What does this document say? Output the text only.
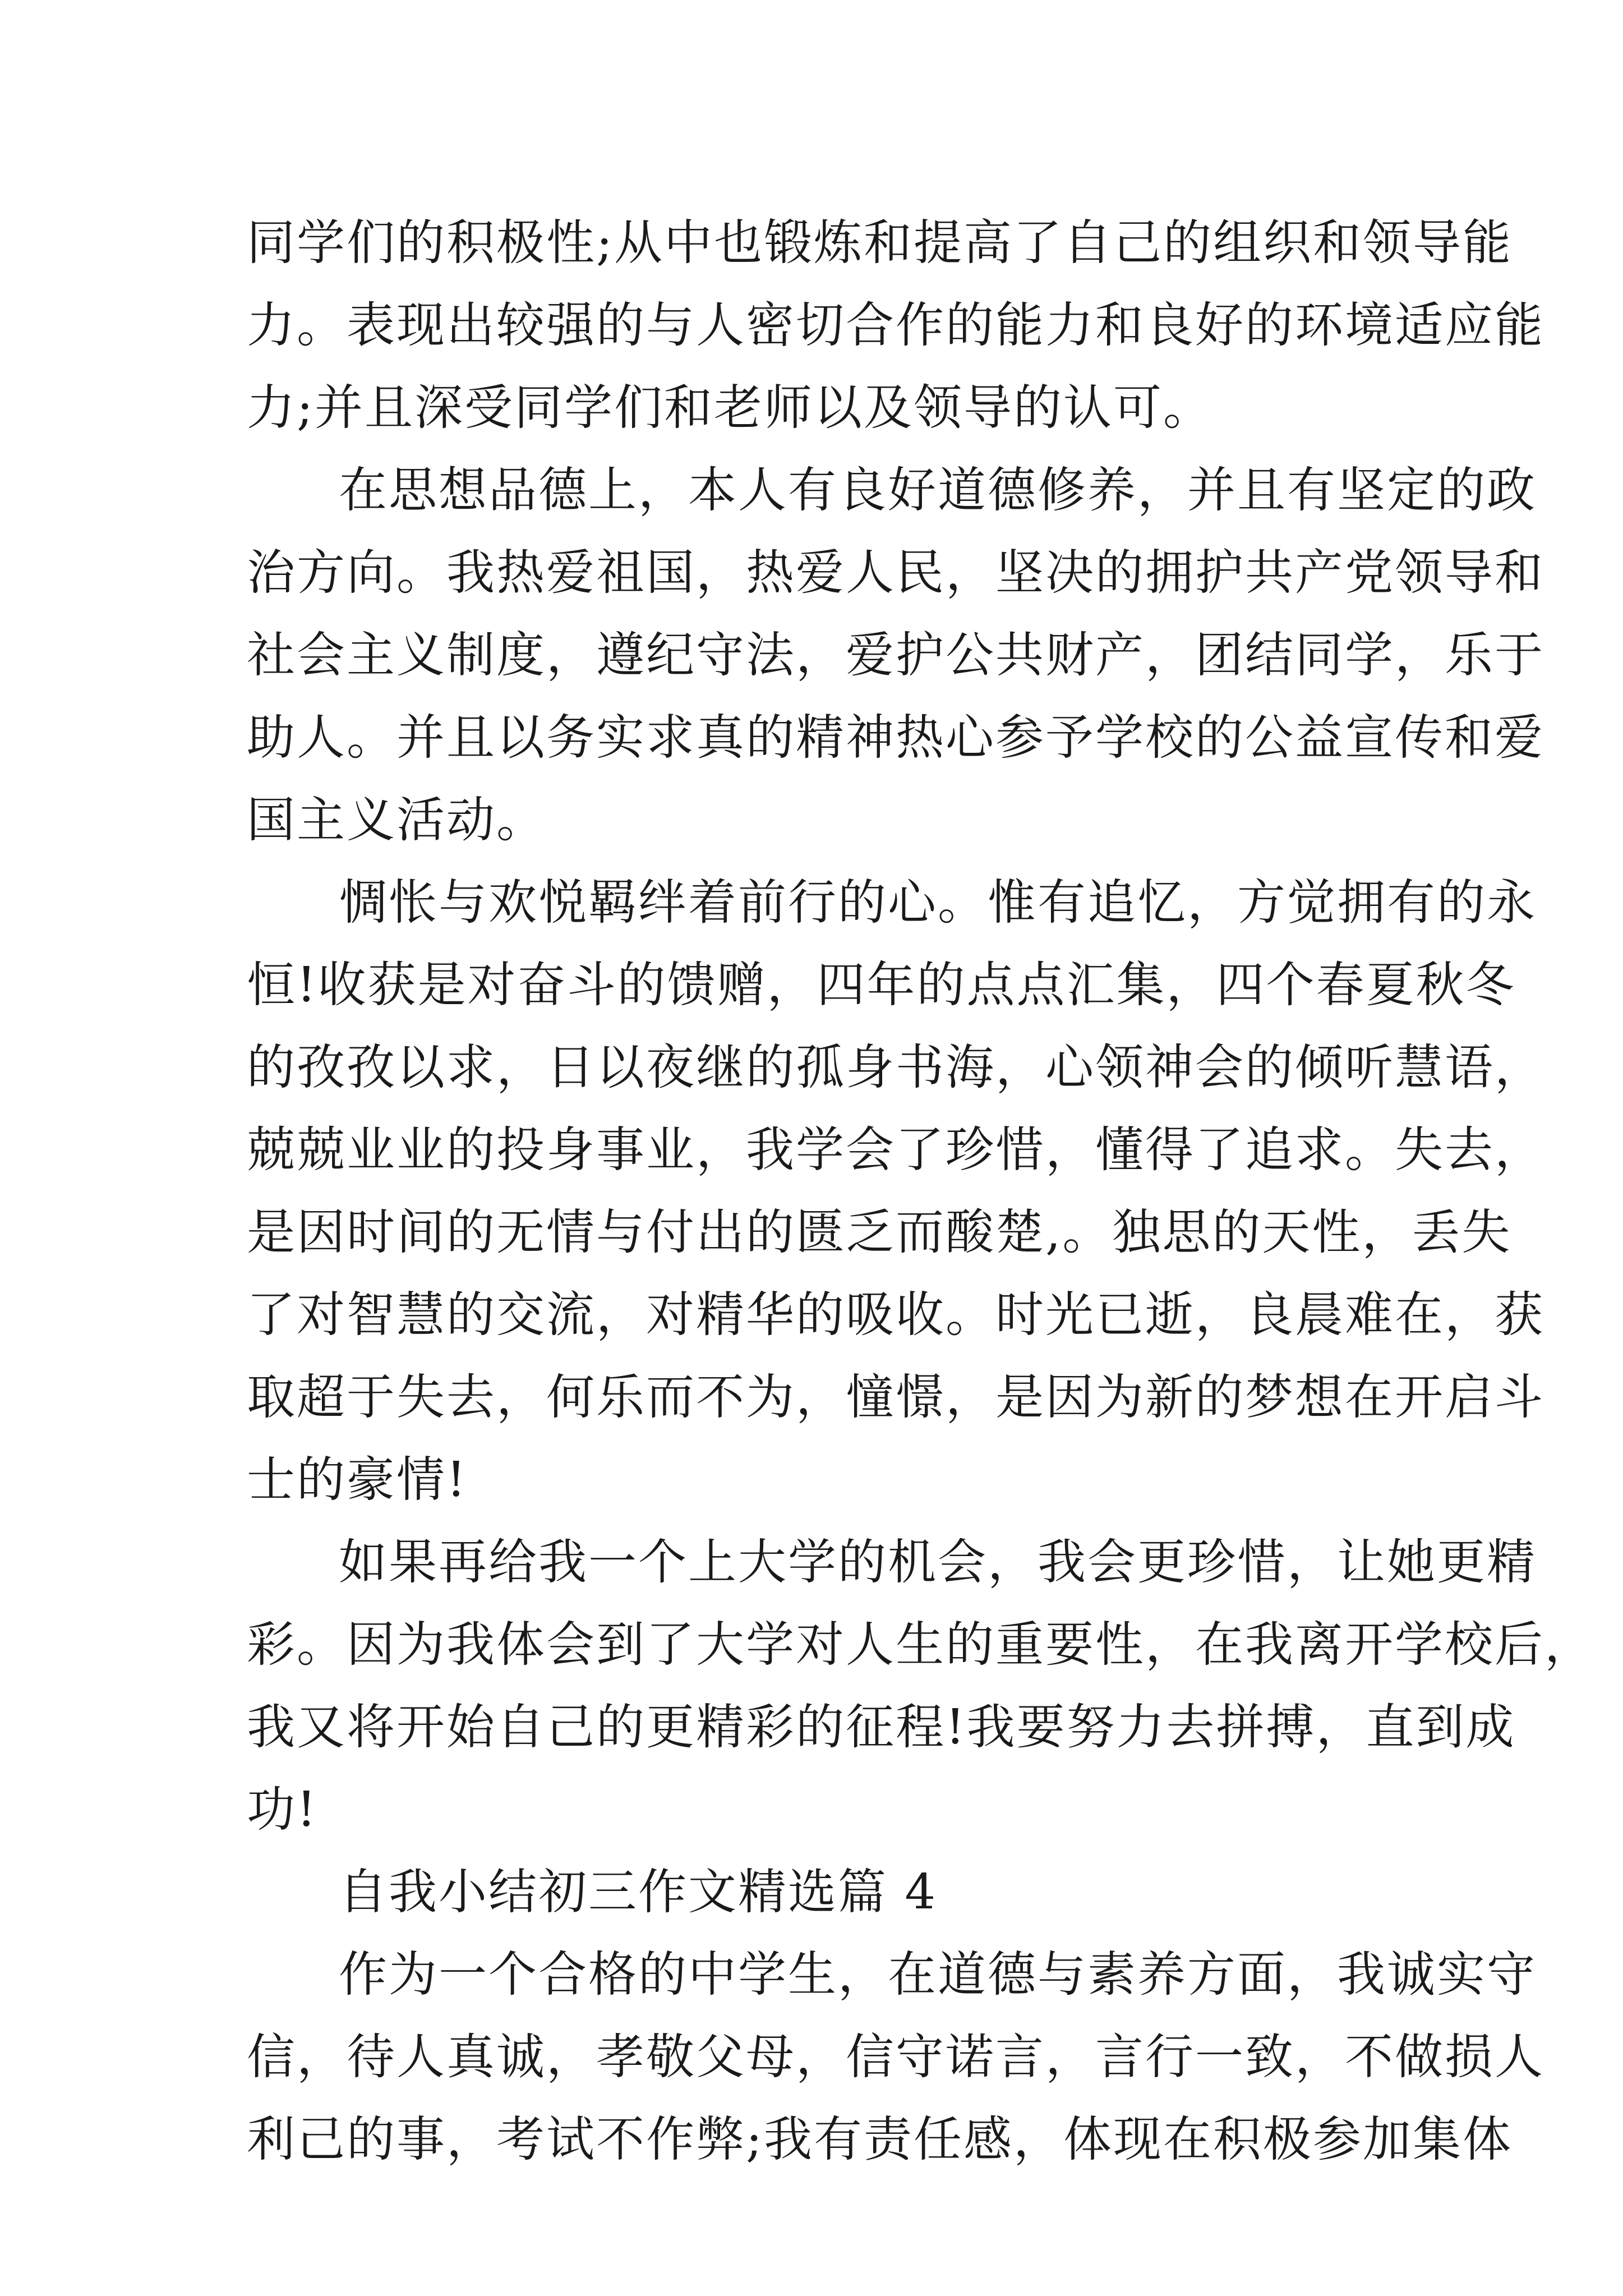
同学们的积极性;从中也锻炼和提高了自己的组织和领导能
力。表现出较强的与人密切合作的能力和良好的环境适应能
力;并且深受同学们和老师以及领导的认可。
在思想品德上，本人有良好道德修养，并且有坚定的政
治方向。我热爱祖国，热爱人民，坚决的拥护共产党领导和
社会主义制度，遵纪守法，爱护公共财产，团结同学，乐于
助人。并且以务实求真的精神热心参予学校的公益宣传和爱
国主义活动。
惆怅与欢悦羁绊着前行的心。惟有追忆，方觉拥有的永
恒!收获是对奋斗的馈赠，四年的点点汇集，四个春夏秋冬
的孜孜以求，日以夜继的孤身书海，心领神会的倾听慧语，
兢兢业业的投身事业，我学会了珍惜，懂得了追求。失去，
是因时间的无情与付出的匮乏而酸楚,。独思的天性，丢失
了对智慧的交流，对精华的吸收。时光已逝，良晨难在，获
取超于失去，何乐而不为，憧憬，是因为新的梦想在开启斗
士的豪情!
如果再给我一个上大学的机会，我会更珍惜，让她更精
彩。因为我体会到了大学对人生的重要性，在我离开学校后，
我又将开始自己的更精彩的征程!我要努力去拼搏，直到成
功!
自我小结初三作文精选篇 4
作为一个合格的中学生，在道德与素养方面，我诚实守
信，待人真诚，孝敬父母，信守诺言，言行一致，不做损人
利己的事，考试不作弊;我有责任感，体现在积极参加集体
